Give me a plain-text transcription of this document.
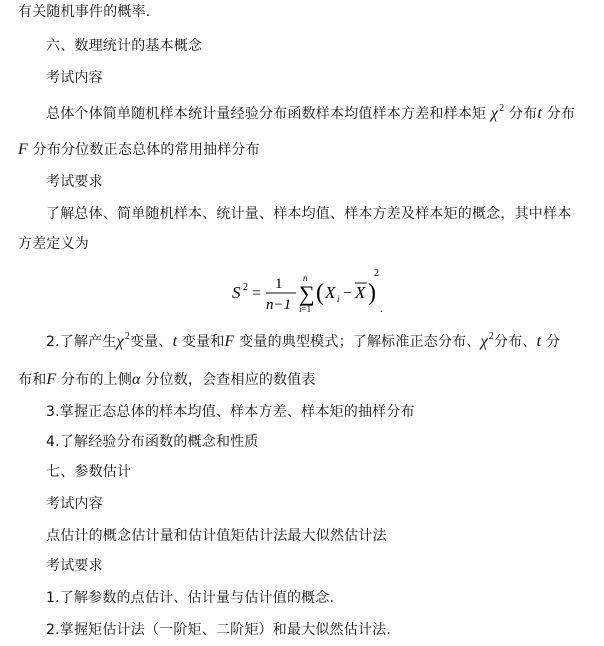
有关随机事件的概率.
六、数理统计的基本概念
考试内容
总体个体简单随机样本统计量经验分布函数样本均值样本方差和样本矩 $\chi^2$ 分布t 分布
F 分布分位数正态总体的常用抽样分布
考试要求
了解总体、简单随机样本、统计量、样本均值、样本方差及样本矩的概念，其中样本
方差定义为
S 2 =
1
n−1
n
∑
i=1
( X i − X )
2
.
2.了解产生$\chi^2$变量、t 变量和F 变量的典型模式；了解标准正态分布、$\chi^2$分布、t 分
布和F 分布的上侧α 分位数，会查相应的数值表
3.掌握正态总体的样本均值、样本方差、样本矩的抽样分布
4.了解经验分布函数的概念和性质
七、参数估计
考试内容
点估计的概念估计量和估计值矩估计法最大似然估计法
考试要求
1.了解参数的点估计、估计量与估计值的概念.
2.掌握矩估计法（一阶矩、二阶矩）和最大似然估计法.
